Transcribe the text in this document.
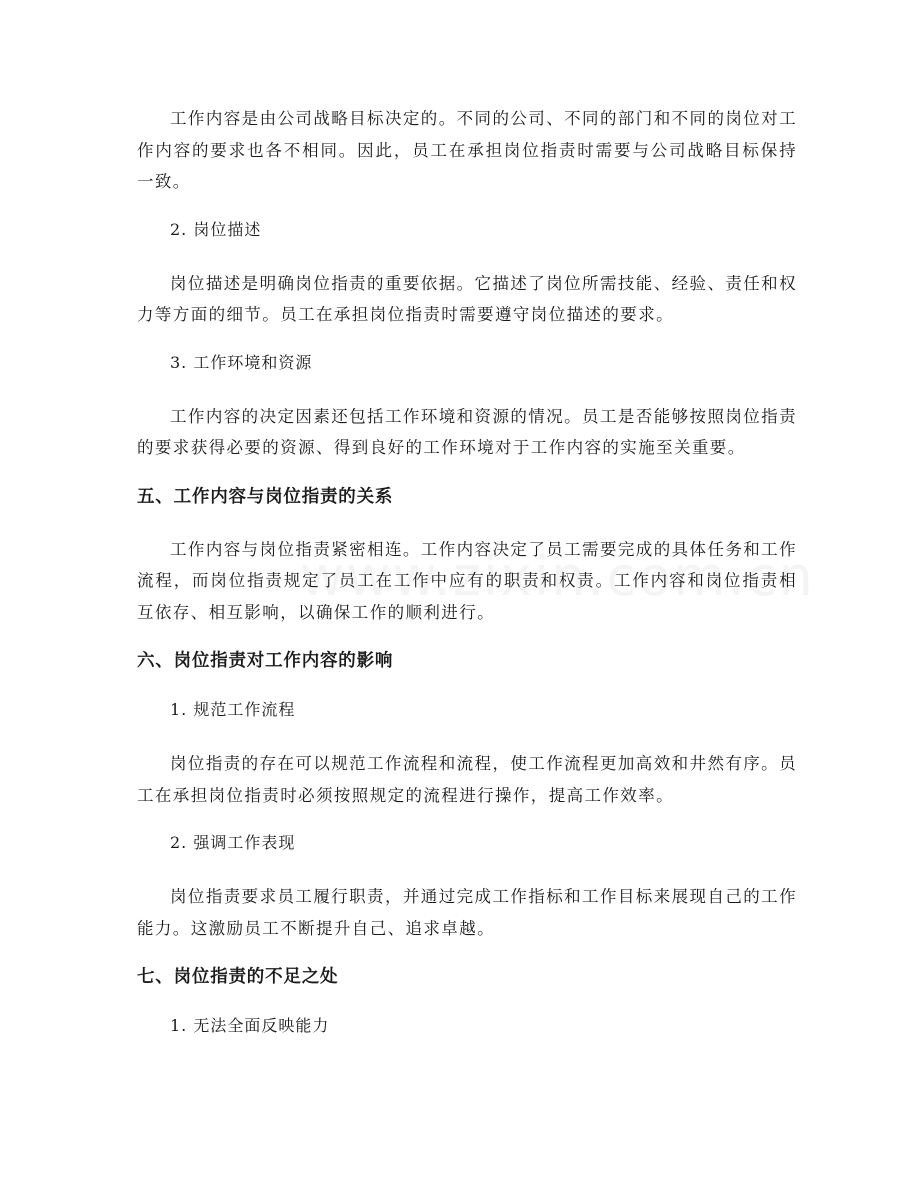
工作内容是由公司战略目标决定的。不同的公司、不同的部门和不同的岗位对工作内容的要求也各不相同。因此，员工在承担岗位指责时需要与公司战略目标保持一致。

2. 岗位描述

岗位描述是明确岗位指责的重要依据。它描述了岗位所需技能、经验、责任和权力等方面的细节。员工在承担岗位指责时需要遵守岗位描述的要求。

3. 工作环境和资源

工作内容的决定因素还包括工作环境和资源的情况。员工是否能够按照岗位指责的要求获得必要的资源、得到良好的工作环境对于工作内容的实施至关重要。

五、工作内容与岗位指责的关系

工作内容与岗位指责紧密相连。工作内容决定了员工需要完成的具体任务和工作流程，而岗位指责规定了员工在工作中应有的职责和权责。工作内容和岗位指责相互依存、相互影响，以确保工作的顺利进行。

六、岗位指责对工作内容的影响
1. 规范工作流程

岗位指责的存在可以规范工作流程和流程，使工作流程更加高效和井然有序。员工在承担岗位指责时必须按照规定的流程进行操作，提高工作效率。

2. 强调工作表现

岗位指责要求员工履行职责，并通过完成工作指标和工作目标来展现自己的工作能力。这激励员工不断提升自己、追求卓越。

七、岗位指责的不足之处
1. 无法全面反映能力
